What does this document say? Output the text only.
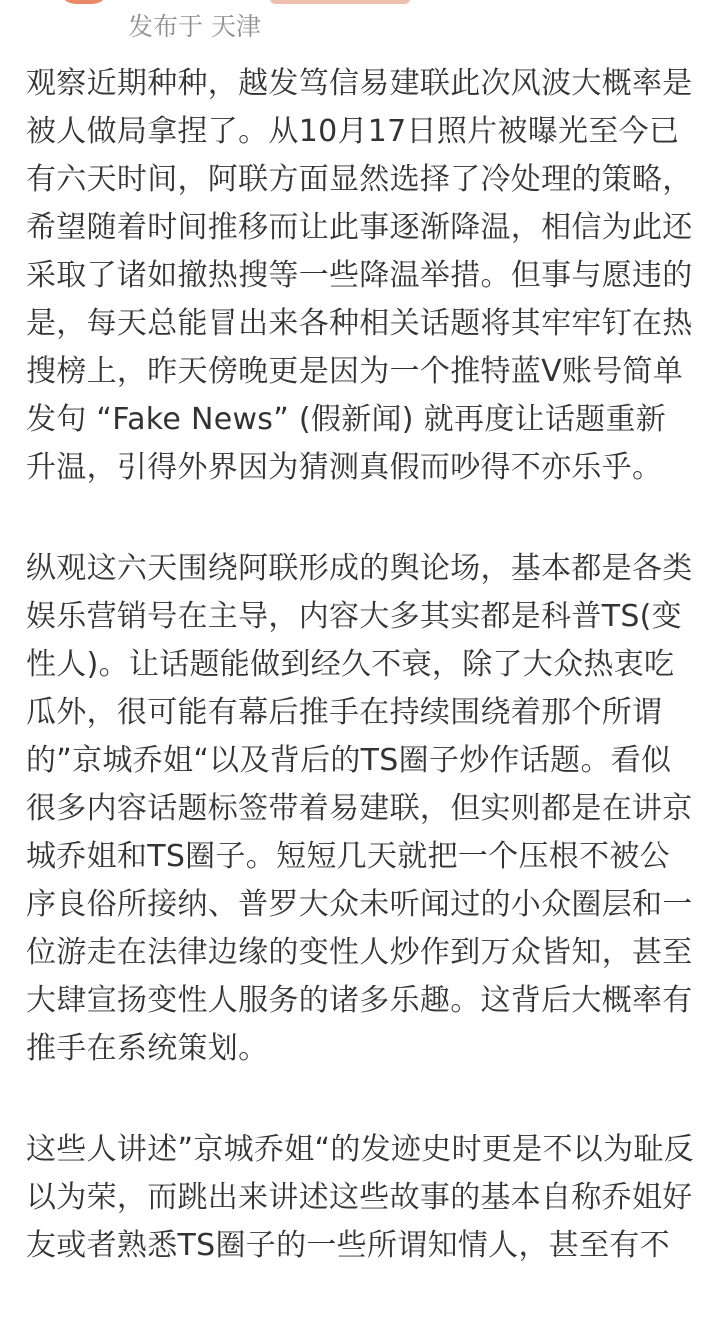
发布于 天津

观察近期种种，越发笃信易建联此次风波大概率是被人做局拿捏了。从10月17日照片被曝光至今已有六天时间，阿联方面显然选择了冷处理的策略，希望随着时间推移而让此事逐渐降温，相信为此还采取了诸如撤热搜等一些降温举措。但事与愿违的是，每天总能冒出来各种相关话题将其牢牢钉在热搜榜上，昨天傍晚更是因为一个推特蓝V账号简单发句 “Fake News” (假新闻) 就再度让话题重新升温，引得外界因为猜测真假而吵得不亦乐乎。

纵观这六天围绕阿联形成的舆论场，基本都是各类娱乐营销号在主导，内容大多其实都是科普TS(变性人)。让话题能做到经久不衰，除了大众热衷吃瓜外，很可能有幕后推手在持续围绕着那个所谓的”京城乔姐“以及背后的TS圈子炒作话题。看似很多内容话题标签带着易建联，但实则都是在讲京城乔姐和TS圈子。短短几天就把一个压根不被公序良俗所接纳、普罗大众未听闻过的小众圈层和一位游走在法律边缘的变性人炒作到万众皆知，甚至大肆宣扬变性人服务的诸多乐趣。这背后大概率有推手在系统策划。

这些人讲述”京城乔姐“的发迹史时更是不以为耻反以为荣，而跳出来讲述这些故事的基本自称乔姐好友或者熟悉TS圈子的一些所谓知情人，甚至有不
